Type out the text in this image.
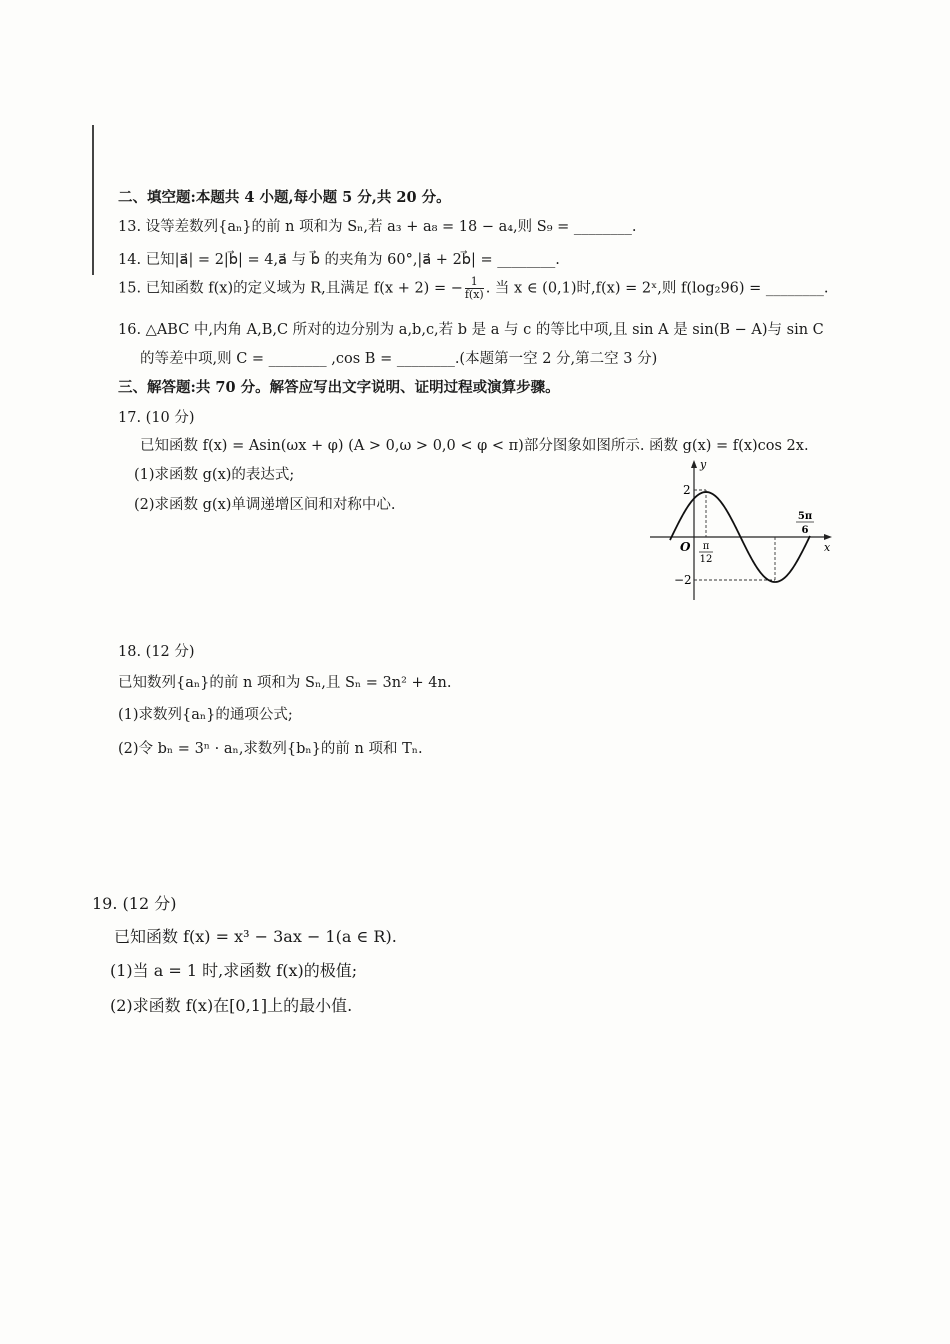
二、填空题:本题共 4 小题,每小题 5 分,共 20 分。
13. 设等差数列{aₙ}的前 n 项和为 Sₙ,若 a₃ + a₈ = 18 − a₄,则 S₉ = ________.
14. 已知|a⃗| = 2|b⃗| = 4,a⃗ 与 b⃗ 的夹角为 60°,|a⃗ + 2b⃗| = ________.
15. 已知函数 f(x)的定义域为 R,且满足 f(x + 2) = − $\frac{1}{f(x)}$ . 当 x ∈ (0,1)时,f(x) = 2ˣ,则 f(log₂96) = ________.
16. △ABC 中,内角 A,B,C 所对的边分别为 a,b,c,若 b 是 a 与 c 的等比中项,且 sin A 是 sin(B − A)与 sin C
的等差中项,则 C = ________ ,cos B = ________.(本题第一空 2 分,第二空 3 分)
三、解答题:共 70 分。解答应写出文字说明、证明过程或演算步骤。
17. (10 分)
已知函数 f(x) = Asin(ωx + φ) (A > 0,ω > 0,0 < φ < π)部分图象如图所示. 函数 g(x) = f(x)cos 2x.
(1)求函数 g(x)的表达式;
(2)求函数 g(x)单调递增区间和对称中心.
y
x
O
2
−2
π
12
5π
6
18. (12 分)
已知数列{aₙ}的前 n 项和为 Sₙ,且 Sₙ = 3n² + 4n.
(1)求数列{aₙ}的通项公式;
(2)令 bₙ = 3ⁿ · aₙ,求数列{bₙ}的前 n 项和 Tₙ.
19. (12 分)
已知函数 f(x) = x³ − 3ax − 1(a ∈ R).
(1)当 a = 1 时,求函数 f(x)的极值;
(2)求函数 f(x)在[0,1]上的最小值.
